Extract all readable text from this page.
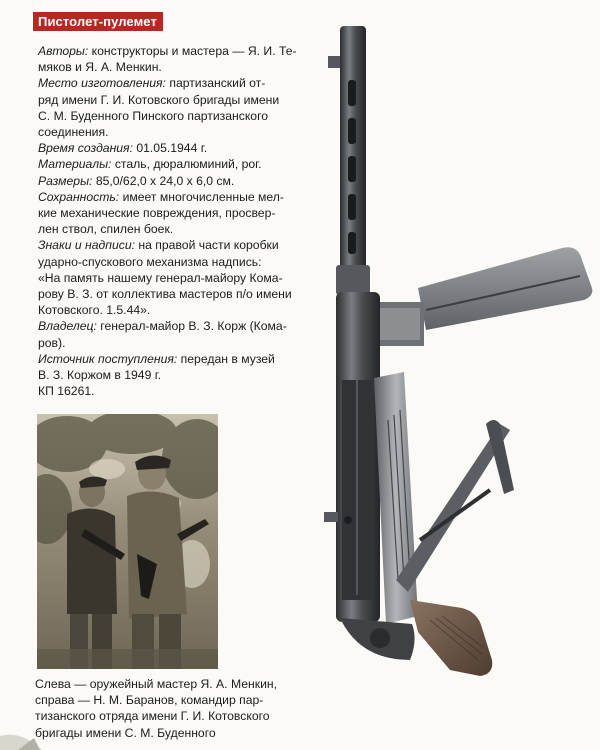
Пистолет-пулемет

Авторы: конструкторы и мастера — Я. И. Те-
мяков и Я. А. Менкин.

Место изготовления: партизанский от-
ряд имени Г. И. Котовского бригады имени
С. М. Буденного Пинского партизанского
соединения.

Время создания: 01.05.1944 г.

Материалы: сталь, дюралюминий, рог.

Размеры: 85,0/62,0 х 24,0 х 6,0 см.

Сохранность: имеет многочисленные мел-
кие механические повреждения, просвер-
лен ствол, спилен боек.

Знаки и надписи: на правой части коробки
ударно-спускового механизма надпись:
«На память нашему генерал-майору Кома-
рову В. З. от коллектива мастеров п/о имени
Котовского. 1.5.44».

Владелец: генерал-майор В. З. Корж (Кома-
ров).

Источник поступления: передан в музей
В. З. Коржом в 1949 г.

КП 16261.

Слева — оружейный мастер Я. А. Менкин,
справа — Н. М. Баранов, командир пар-
тизанского отряда имени Г. И. Котовского
бригады имени С. М. Буденного
